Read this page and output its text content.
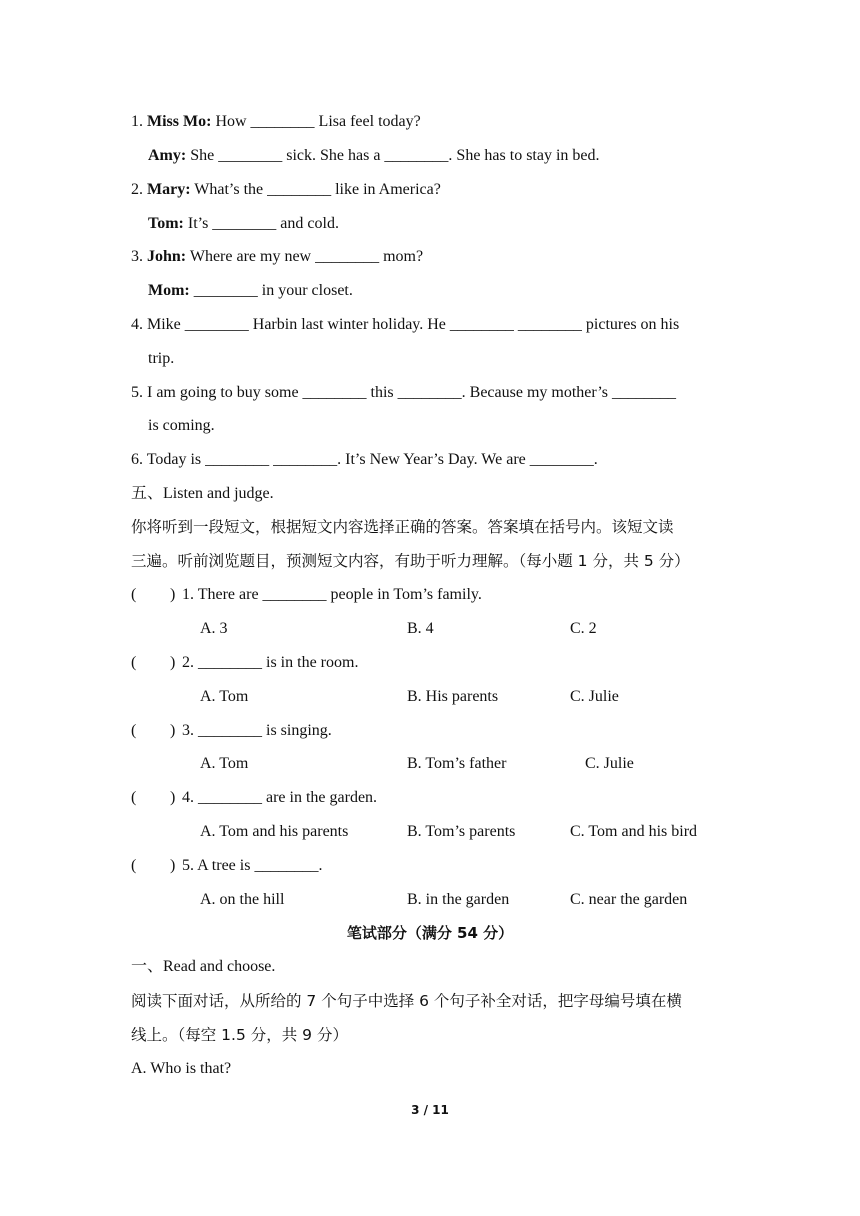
1. Miss Mo: How ________ Lisa feel today?
Amy: She ________ sick. She has a ________. She has to stay in bed.
2. Mary: What’s the ________ like in America?
Tom: It’s ________ and cold.
3. John: Where are my new ________ mom?
Mom: ________ in your closet.
4. Mike ________ Harbin last winter holiday. He ________ ________ pictures on his
trip.
5. I am going to buy some ________ this ________. Because my mother’s ________
is coming.
6. Today is ________ ________. It’s New Year’s Day. We are ________.
五、Listen and judge.
你将听到一段短文，根据短文内容选择正确的答案。答案填在括号内。该短文读
三遍。听前浏览题目，预测短文内容，有助于听力理解。（每小题 1 分，共 5 分）
( ) 1. There are ________ people in Tom’s family.
A. 3	B. 4	C. 2
( ) 2. ________ is in the room.
A. Tom	B. His parents	C. Julie
( ) 3. ________ is singing.
A. Tom	B. Tom’s father	C. Julie
( ) 4. ________ are in the garden.
A. Tom and his parents	B. Tom’s parents	C. Tom and his bird
( ) 5. A tree is ________.
A. on the hill	B. in the garden	C. near the garden
笔试部分（满分 54 分）
一、Read and choose.
阅读下面对话，从所给的 7 个句子中选择 6 个句子补全对话，把字母编号填在横
线上。（每空 1.5 分，共 9 分）
A. Who is that?
3 / 11
